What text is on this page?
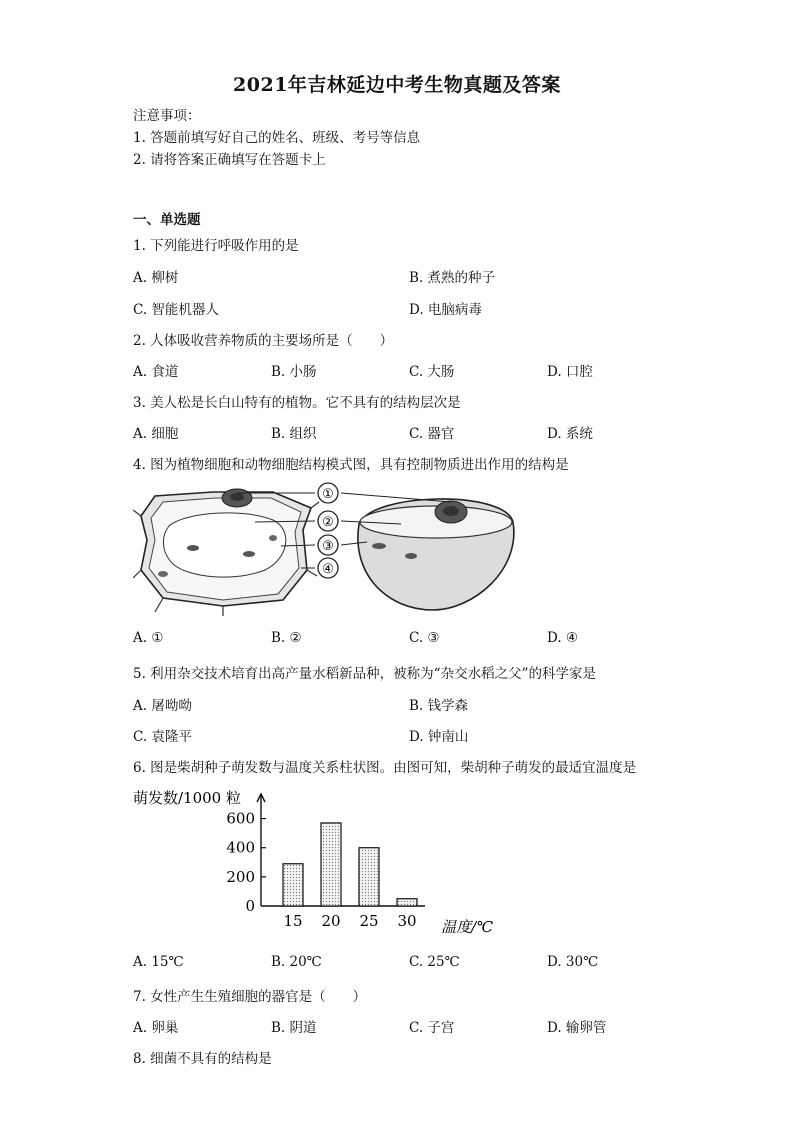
2021年吉林延边中考生物真题及答案
注意事项：
1. 答题前填写好自己的姓名、班级、考号等信息
2. 请将答案正确填写在答题卡上
一、单选题
1. 下列能进行呼吸作用的是
A. 柳树	B. 煮熟的种子
C. 智能机器人	D. 电脑病毒
2. 人体吸收营养物质的主要场所是（　　）
A. 食道	B. 小肠	C. 大肠	D. 口腔
3. 美人松是长白山特有的植物。它不具有的结构层次是
A. 细胞	B. 组织	C. 器官	D. 系统
4. 图为植物细胞和动物细胞结构模式图，具有控制物质进出作用的结构是
①
②
③
④
A. ①	B. ②	C. ③	D. ④
5. 利用杂交技术培育出高产量水稻新品种，被称为“杂交水稻之父”的科学家是
A. 屠呦呦	B. 钱学森
C. 袁隆平	D. 钟南山
6. 图是柴胡种子萌发数与温度关系柱状图。由图可知，柴胡种子萌发的最适宜温度是
萌发数/1000 粒
温度/℃
0
200
400
600
15 20 25 30
A. 15℃	B. 20℃	C. 25℃	D. 30℃
7. 女性产生生殖细胞的器官是（　　）
A. 卵巢	B. 阴道	C. 子宫	D. 输卵管
8. 细菌不具有的结构是
